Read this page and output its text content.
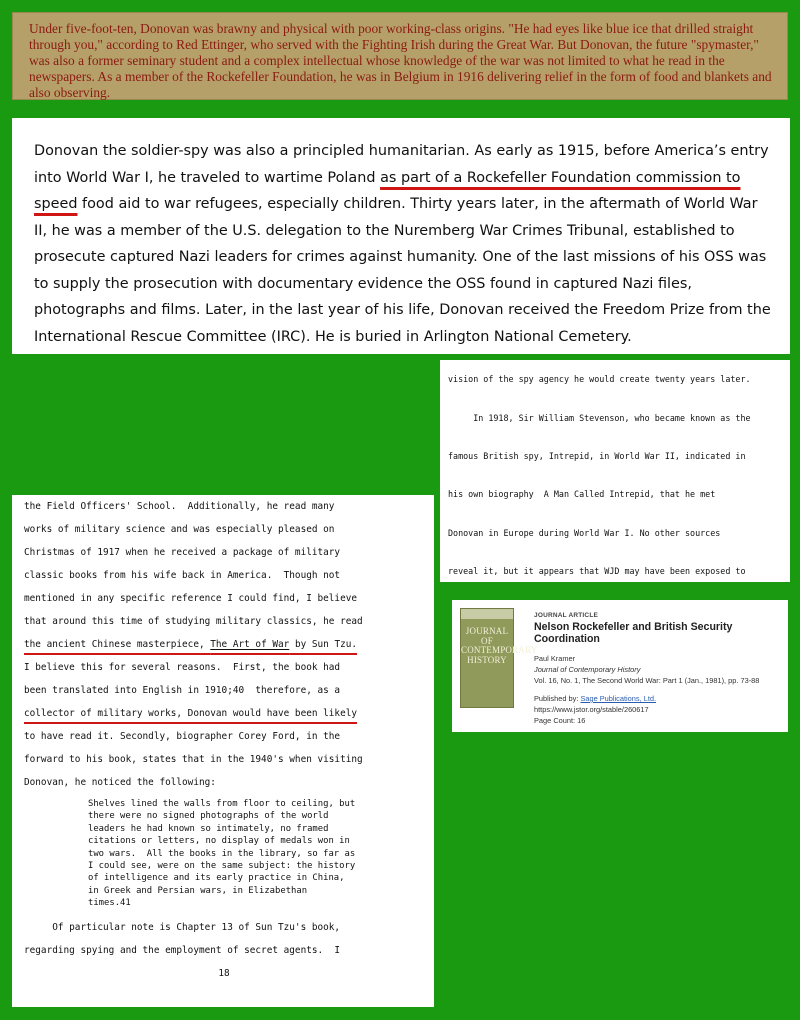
Under five-foot-ten, Donovan was brawny and physical with poor working-class origins. "He had eyes like blue ice that drilled straight through you," according to Red Ettinger, who served with the Fighting Irish during the Great War. But Donovan, the future "spymaster," was also a former seminary student and a complex intellectual whose knowledge of the war was not limited to what he read in the newspapers. As a member of the Rockefeller Foundation, he was in Belgium in 1916 delivering relief in the form of food and blankets and also observing.
Donovan the soldier-spy was also a principled humanitarian. As early as 1915, before America’s entry into World War I, he traveled to wartime Poland as part of a Rockefeller Foundation commission to speed food aid to war refugees, especially children. Thirty years later, in the aftermath of World War II, he was a member of the U.S. delegation to the Nuremberg War Crimes Tribunal, established to prosecute captured Nazi leaders for crimes against humanity. One of the last missions of his OSS was to supply the prosecution with documentary evidence the OSS found in captured Nazi files, photographs and films. Later, in the last year of his life, Donovan received the Freedom Prize from the International Rescue Committee (IRC). He is buried in Arlington National Cemetery.

vision of the spy agency he would create twenty years later.

In 1918, Sir William Stevenson, who became known as the

famous British spy, Intrepid, in World War II, indicated in

his own biography  A Man Called Intrepid, that he met

Donovan in Europe during World War I. No other sources

reveal it, but it appears that WJD may have been exposed to

JOURNAL OF CONTEMPORARY HISTORY
JOURNAL ARTICLE
Nelson Rockefeller and British Security Coordination
Paul Kramer
Journal of Contemporary History
Vol. 16, No. 1, The Second World War: Part 1 (Jan., 1981), pp. 73-88
Published by: Sage Publications, Ltd.
https://www.jstor.org/stable/260617
Page Count: 16
the Field Officers' School.  Additionally, he read many
works of military science and was especially pleased on
Christmas of 1917 when he received a package of military
classic books from his wife back in America.  Though not
mentioned in any specific reference I could find, I believe
that around this time of studying military classics, he read
the ancient Chinese masterpiece, The Art of War by Sun Tzu.
I believe this for several reasons.  First, the book had
been translated into English in 1910;40  therefore, as a
collector of military works, Donovan would have been likely
to have read it. Secondly, biographer Corey Ford, in the
forward to his book, states that in the 1940's when visiting
Donovan, he noticed the following:
Shelves lined the walls from floor to ceiling, but
there were no signed photographs of the world
leaders he had known so intimately, no framed
citations or letters, no display of medals won in
two wars.  All the books in the library, so far as
I could see, were on the same subject: the history
of intelligence and its early practice in China,
in Greek and Persian wars, in Elizabethan
times.41
Of particular note is Chapter 13 of Sun Tzu's book,
regarding spying and the employment of secret agents.  I
18
